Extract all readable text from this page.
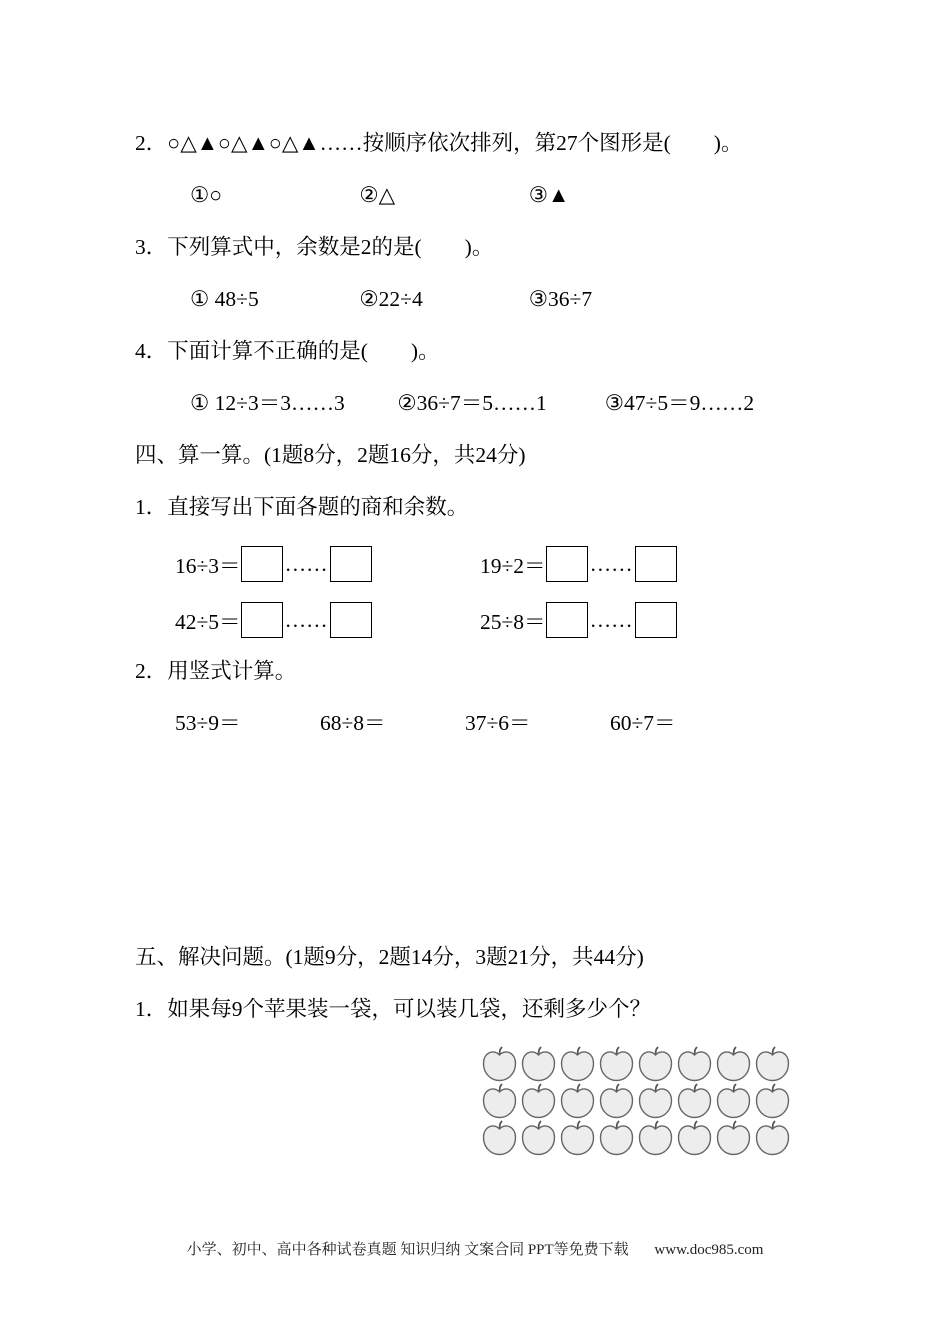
2．○△▲○△▲○△▲……按顺序依次排列，第27个图形是(　　)。

①○	②△	③▲

3．下列算式中，余数是2的是(　　)。

① 48÷5	②22÷4	③36÷7

4．下面计算不正确的是(　　)。

① 12÷3＝3……3 ②36÷7＝5……1	③47÷5＝9……2

四、算一算。(1题8分，2题16分，共24分)

1．直接写出下面各题的商和余数。

16÷3＝ ……	19÷2＝ ……
42÷5＝ ……	25÷8＝ ……

2．用竖式计算。

53÷9＝	68÷8＝	37÷6＝	60÷7＝

五、解决问题。(1题9分，2题14分，3题21分，共44分)

1．如果每9个苹果装一袋，可以装几袋，还剩多少个？

小学、初中、高中各种试卷真题 知识归纳 文案合同 PPT等免费下载 www.doc985.com
